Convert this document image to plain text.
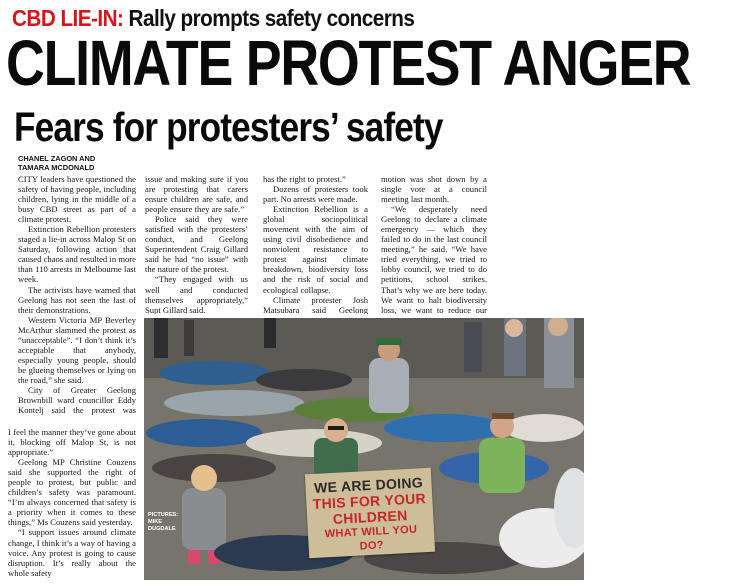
CBD LIE-IN: Rally prompts safety concerns
CLIMATE PROTEST ANGER
Fears for protesters’ safety
CHANEL ZAGON AND
TAMARA MCDONALD

CITY leaders have questioned the safety of having people, including children, lying in the middle of a busy CBD street as part of a climate protest.

Extinction Rebellion protesters staged a lie-in across Malop St on Saturday, following action that caused chaos and resulted in more than 110 arrests in Melbourne last week.

The activists have warned that Geelong has not seen the last of their demonstrations.

Western Victoria MP Beverley McArthur slammed the protest as “unacceptable”. “I don’t think it’s acceptable that anybody, especially young people, should be glueing themselves or lying on the road,” she said.

City of Greater Geelong Brownbill ward councillor Eddy Kontelj said the protest was

I feel the manner they’ve gone about it, blocking off Malop St, is not appropriate.”

Geelong MP Christine Couzens said she supported the right of people to protest, but public and children’s safety was paramount. “I’m always concerned that safety is a priority when it comes to these things,” Ms Couzens said yesterday.

“I support issues around climate change, I think it’s a way of having a voice. Any protest is going to cause disruption. It’s really about the whole safety

issue and making sure if you are protesting that carers ensure children are safe, and people ensure they are safe.”

Police said they were satisfied with the protesters’ conduct, and Geelong Superintendent Craig Gillard said he had “no issue” with the nature of the protest.

“They engaged with us well and conducted themselves appropriately,” Supt Gillard said.

has the right to protest.”

Dozens of protesters took part. No arrests were made.

Extinction Rebellion is a global sociopolitical movement with the aim of using civil disobedience and nonviolent resistance to protest against climate breakdown, biodiversity loss and the risk of social and ecological collapse.

Climate protester Josh Matsubara said Geelong

motion was shot down by a single vote at a council meeting last month.

“We desperately need Geelong to declare a climate emergency — which they failed to do in the last council meeting,” he said. “We have tried everything, we tried to lobby council, we tried to do petitions, school strikes. That’s why we are here today. We want to halt biodiversity loss, we want to reduce our

WE ARE DOING
THIS FOR YOUR
CHILDREN
WHAT WILL YOU DO?
PICTURES:
MIKE
DUGDALE
